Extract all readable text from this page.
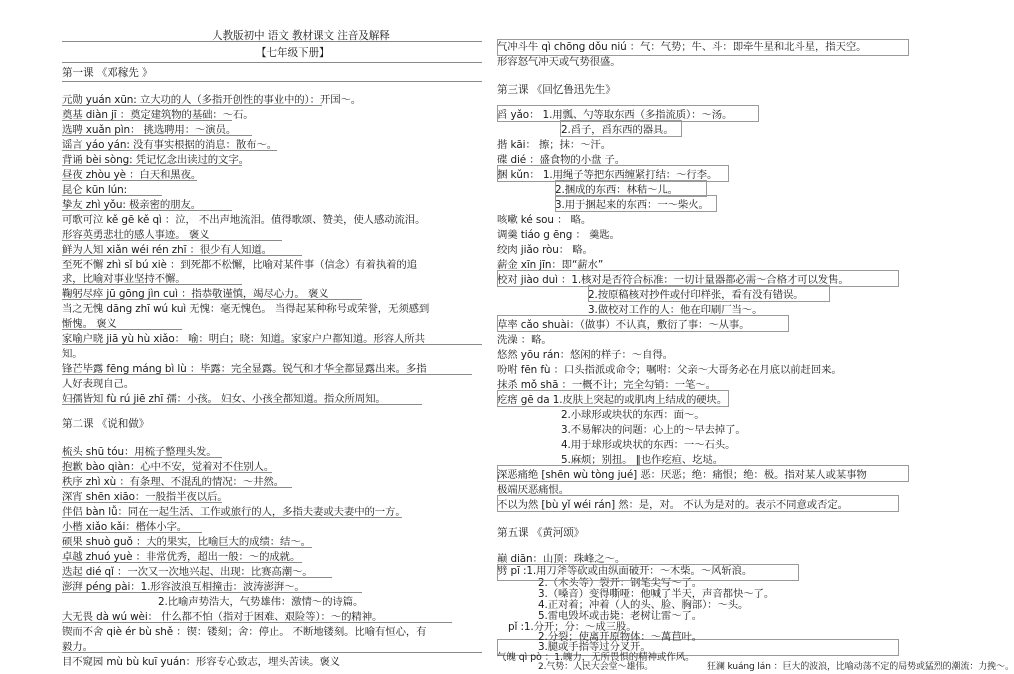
人教版初中 语文 教材课文 注音及解释
【七年级下册】
第一课 《邓稼先 》
元勋 yuán xūn: 立大功的人（多指开创性的事业中的）：开国～。
奠基 diàn jī ：奠定建筑物的基础：～石。
选聘 xuǎn pìn： 挑选聘用：～演员。
谣言 yáo yán: 没有事实根据的消息：散布～。
背诵 bèi sòng: 凭记忆念出读过的文字。
昼夜 zhòu yè ：白天和黑夜。
昆仑 kūn lún:
挚友 zhì yǒu: 极亲密的朋友。
可歌可泣 kě gē kě qì ：泣， 不出声地流泪。值得歌颂、赞美，使人感动流泪。
形容英勇悲壮的感人事迹。 褒义
鲜为人知 xiǎn wéi rén zhī ：很少有人知道。
至死不懈 zhì sǐ bú xiè ：到死都不松懈，比喻对某件事（信念）有着执着的追
求，比喻对事业坚持不懈。
鞠躬尽瘁 jū gōng jìn cuì ：指恭敬谨慎，竭尽心力。 褒义
当之无愧 dāng zhī wú kuì 无愧：毫无愧色。 当得起某种称号或荣誉，无须感到
惭愧。 褒义
家喻户晓 jiā yù hù xiǎo： 喻：明白；晓：知道。家家户户都知道。形容人所共
知。
锋芒毕露 fēng máng bì lù ：毕露：完全显露。锐气和才华全都显露出来。多指
人好表现自己。
妇孺皆知 fù rú jiē zhī 孺：小孩。 妇女、小孩全都知道。指众所周知。
第二课 《说和做》
梳头 shū tóu：用梳子整理头发。
抱歉 bào qiàn：心中不安，觉着对不住别人。
秩序 zhì xù ：有条理、不混乱的情况：～井然。
深宵 shēn xiāo：一般指半夜以后。
伴侣 bàn lǚ：同在一起生活、工作或旅行的人，多指夫妻或夫妻中的一方。
小楷 xiǎo kǎi：楷体小字。
硕果 shuò guǒ ：大的果实，比喻巨大的成绩：结～。
卓越 zhuó yuè ：非常优秀，超出一般：～的成就。
迭起 dié qǐ ：一次又一次地兴起、出现：比赛高潮～。
澎湃 péng pài：1.形容波浪互相撞击：波涛澎湃～。
2.比喻声势浩大，气势雄伟：激情～的诗篇。
大无畏 dà wú wèi： 什么都不怕（指对于困难、艰险等）：～的精神。
锲而不舍 qiè ér bù shě ：锲：镂刻；舍：停止。 不断地镂刻。比喻有恒心，有
毅力。
目不窥园 mù bù kuī yuán：形容专心致志，埋头苦读。褒义
气冲斗牛 qì chōng dǒu niú ：气：气势；牛、斗：即牵牛星和北斗星，指天空。
形容怒气冲天或气势很盛。
第三课 《回忆鲁迅先生》
舀 yǎo： 1.用瓢、勺等取东西（多指流质）：～汤。
2.舀子，舀东西的器具。
揩 kāi： 擦；抹：～汗。
碟 dié ：盛食物的小盘 子。
捆 kǔn： 1.用绳子等把东西缠紧打结：～行李。
2.捆成的东西：林秸～儿。
3.用于捆起来的东西：一～柴火。
咳嗽 ké sou ： 略。
调羹 tiáo g ēng ： 羹匙。
绞肉 jiǎo ròu： 略。
薪金 xīn jīn：即“薪水”
校对 jiào duì ：1.核对是否符合标准：一切计量器都必需～合格才可以发售。
2.按原稿核对抄件或付印样张，看有没有错误。
3.做校对工作的人：他在印刷厂当～。
草率 cǎo shuài：（做事）不认真，敷衍了事：～从事。
洗澡 ：略。
悠然 yōu rán：悠闲的样子：～自得。
吩咐 fēn fù ：口头指派或命令；嘱咐：父亲～大哥务必在月底以前赶回来。
抹杀 mǒ shā ：一概不计；完全勾销：一笔～。
疙瘩 gē da 1.皮肤上突起的或肌肉上结成的硬块。
2.小球形或块状的东西：面～。
3.不易解决的问题：心上的～早去掉了。
4.用于球形或块状的东西：一～石头。
5.麻烦；别扭。 ‖也作疙疸、圪垯。
深恶痛绝 [shēn wù tòng jué] 恶：厌恶；绝：痛恨；绝：极。指对某人或某事物
极端厌恶痛恨。
不以为然 [bù yǐ wéi rán] 然：是，对。 不认为是对的。表示不同意或否定。
第五课 《黄河颂》
巅 diān：山顶：珠峰之～。
劈 pī :1.用刀斧等砍或由纵面破开：～木柴。～风斩浪。
2.（木头等）裂开：钢笔尖写～了。
3.（嗓音）变得嘶哑：他喊了半天，声音都快～了。
4.正对着；冲着（人的头、脸、胸部）：～头。
5.雷电毁坏或击毙：老树让雷～了。
pǐ :1.分开；分：～成三股。
2.分裂；使离开原物体：～萬苣叶。
3.腿或手指等过分叉开。
气魄 qì pò ：1.魄力，无所畏惧的精神或作风。
2.气势：人民大会堂～雄伟。	狂澜 kuáng lán ：巨大的波浪，比喻动荡不定的局势或猛烈的潮流：力挽～。
